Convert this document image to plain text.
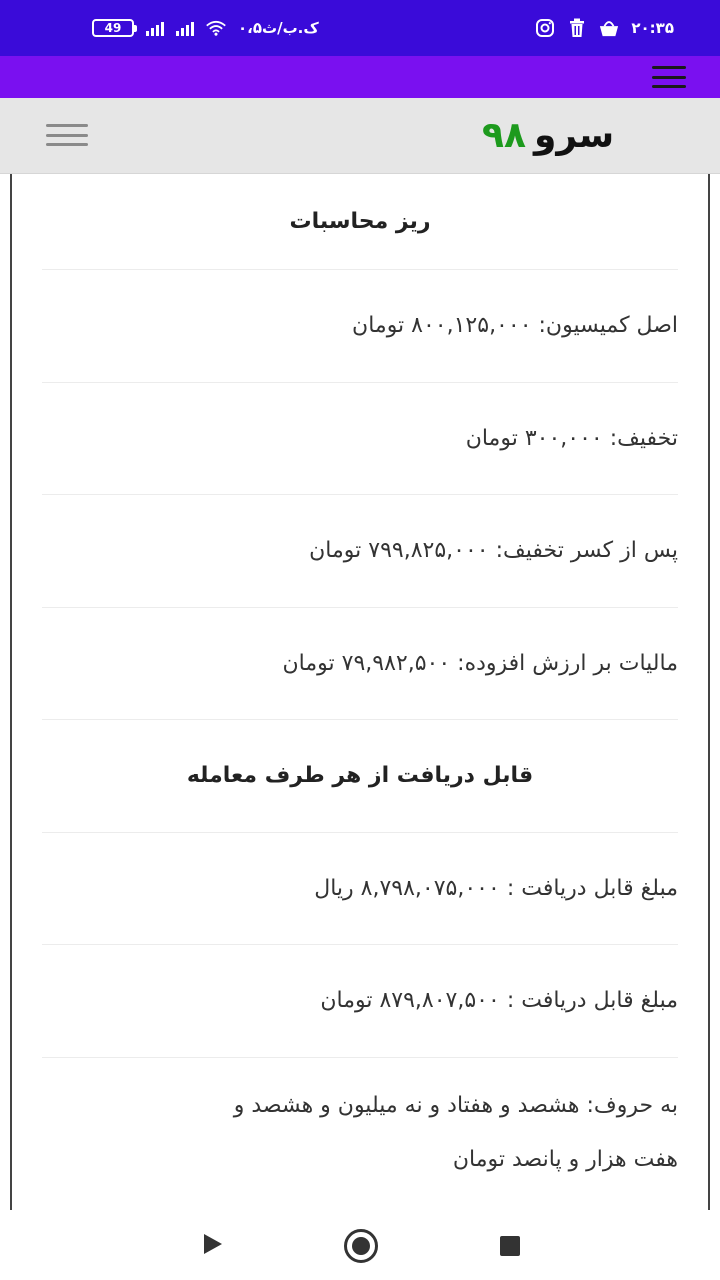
49	۰،۵ک.ب/ث	۲۰:۳۵
۹۸ سرو
ریز محاسبات
اصل کمیسیون: ۸۰۰,۱۲۵,۰۰۰ تومان
تخفیف: ۳۰۰,۰۰۰ تومان
پس از کسر تخفیف: ۷۹۹,۸۲۵,۰۰۰ تومان
مالیات بر ارزش افزوده: ۷۹,۹۸۲,۵۰۰ تومان
قابل دریافت از هر طرف معامله
مبلغ قابل دریافت : ۸,۷۹۸,۰۷۵,۰۰۰ ریال
مبلغ قابل دریافت : ۸۷۹,۸۰۷,۵۰۰ تومان
به حروف: هشصد و هفتاد و نه میلیون و هشصد و
هفت هزار و پانصد تومان
